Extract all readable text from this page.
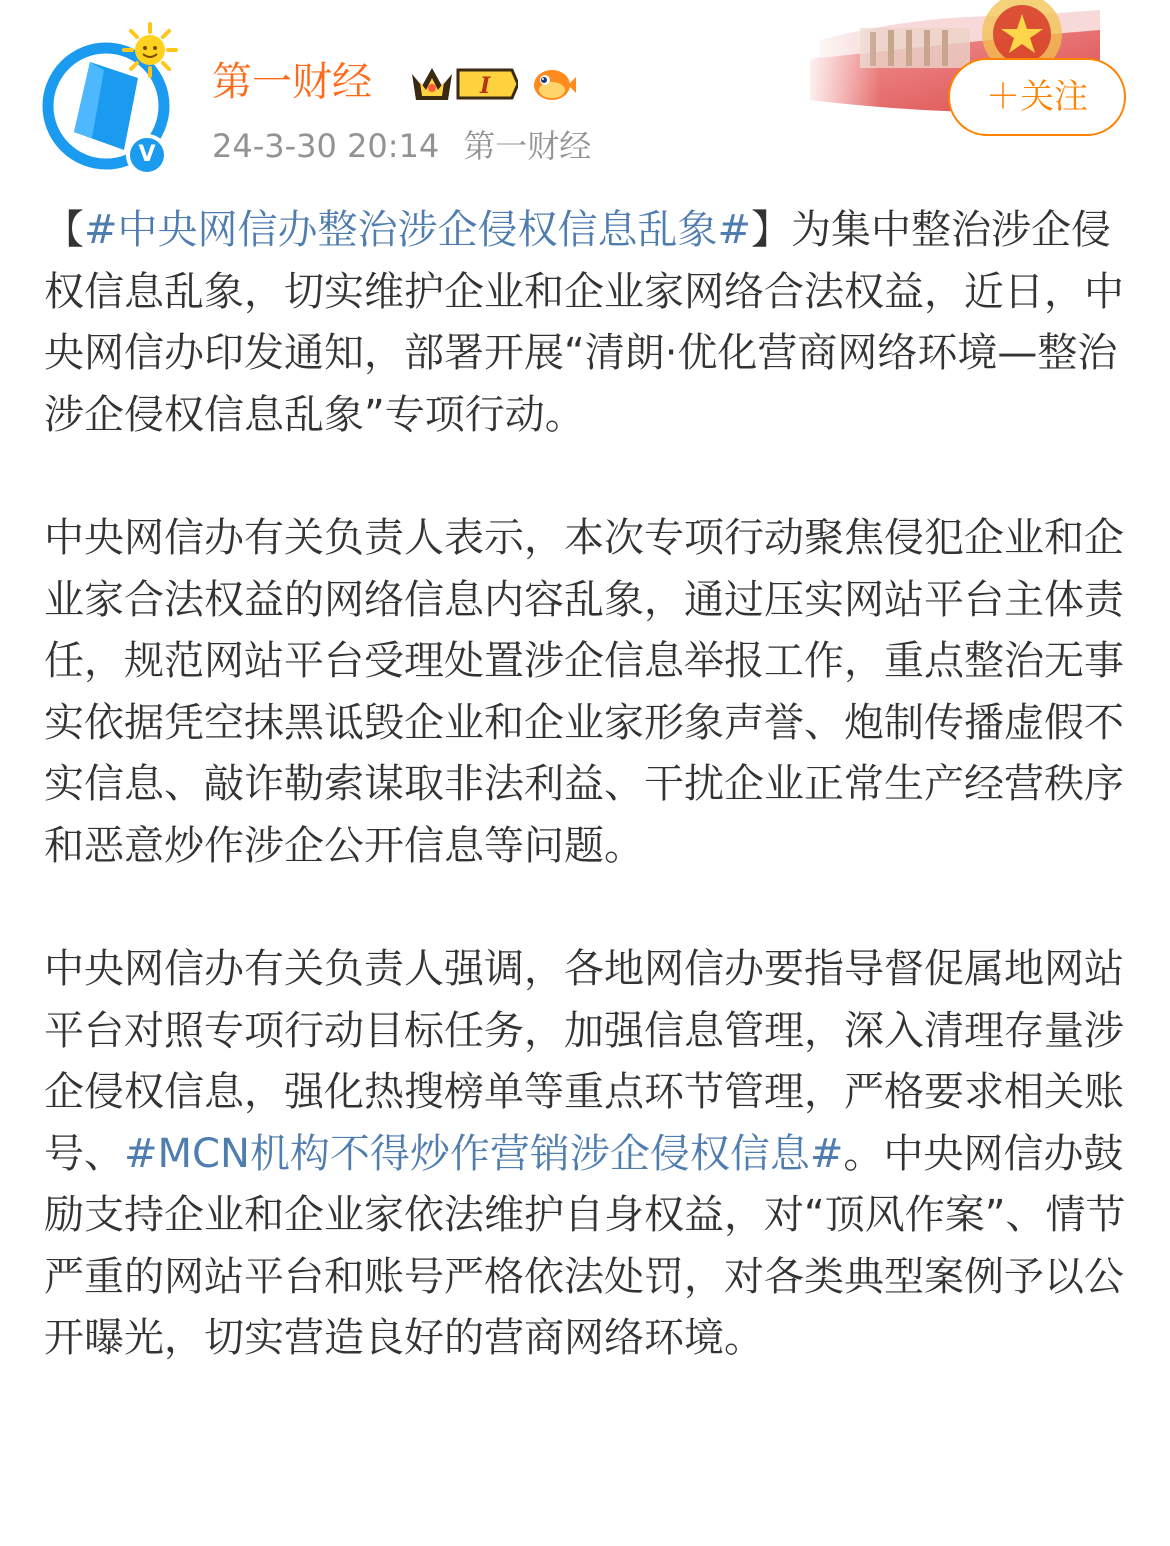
V
第一财经	I
24-3-30 20:14 第一财经
＋关注

【#中央网信办整治涉企侵权信息乱象#】为集中整治涉企侵权信息乱象，切实维护企业和企业家网络合法权益，近日，中央网信办印发通知，部署开展“清朗·优化营商网络环境—整治涉企侵权信息乱象”专项行动。

中央网信办有关负责人表示，本次专项行动聚焦侵犯企业和企业家合法权益的网络信息内容乱象，通过压实网站平台主体责任，规范网站平台受理处置涉企信息举报工作，重点整治无事实依据凭空抹黑诋毁企业和企业家形象声誉、炮制传播虚假不实信息、敲诈勒索谋取非法利益、干扰企业正常生产经营秩序和恶意炒作涉企公开信息等问题。

中央网信办有关负责人强调，各地网信办要指导督促属地网站平台对照专项行动目标任务，加强信息管理，深入清理存量涉企侵权信息，强化热搜榜单等重点环节管理，严格要求相关账号、#MCN机构不得炒作营销涉企侵权信息#。中央网信办鼓励支持企业和企业家依法维护自身权益，对“顶风作案”、情节严重的网站平台和账号严格依法处罚，对各类典型案例予以公开曝光，切实营造良好的营商网络环境。
